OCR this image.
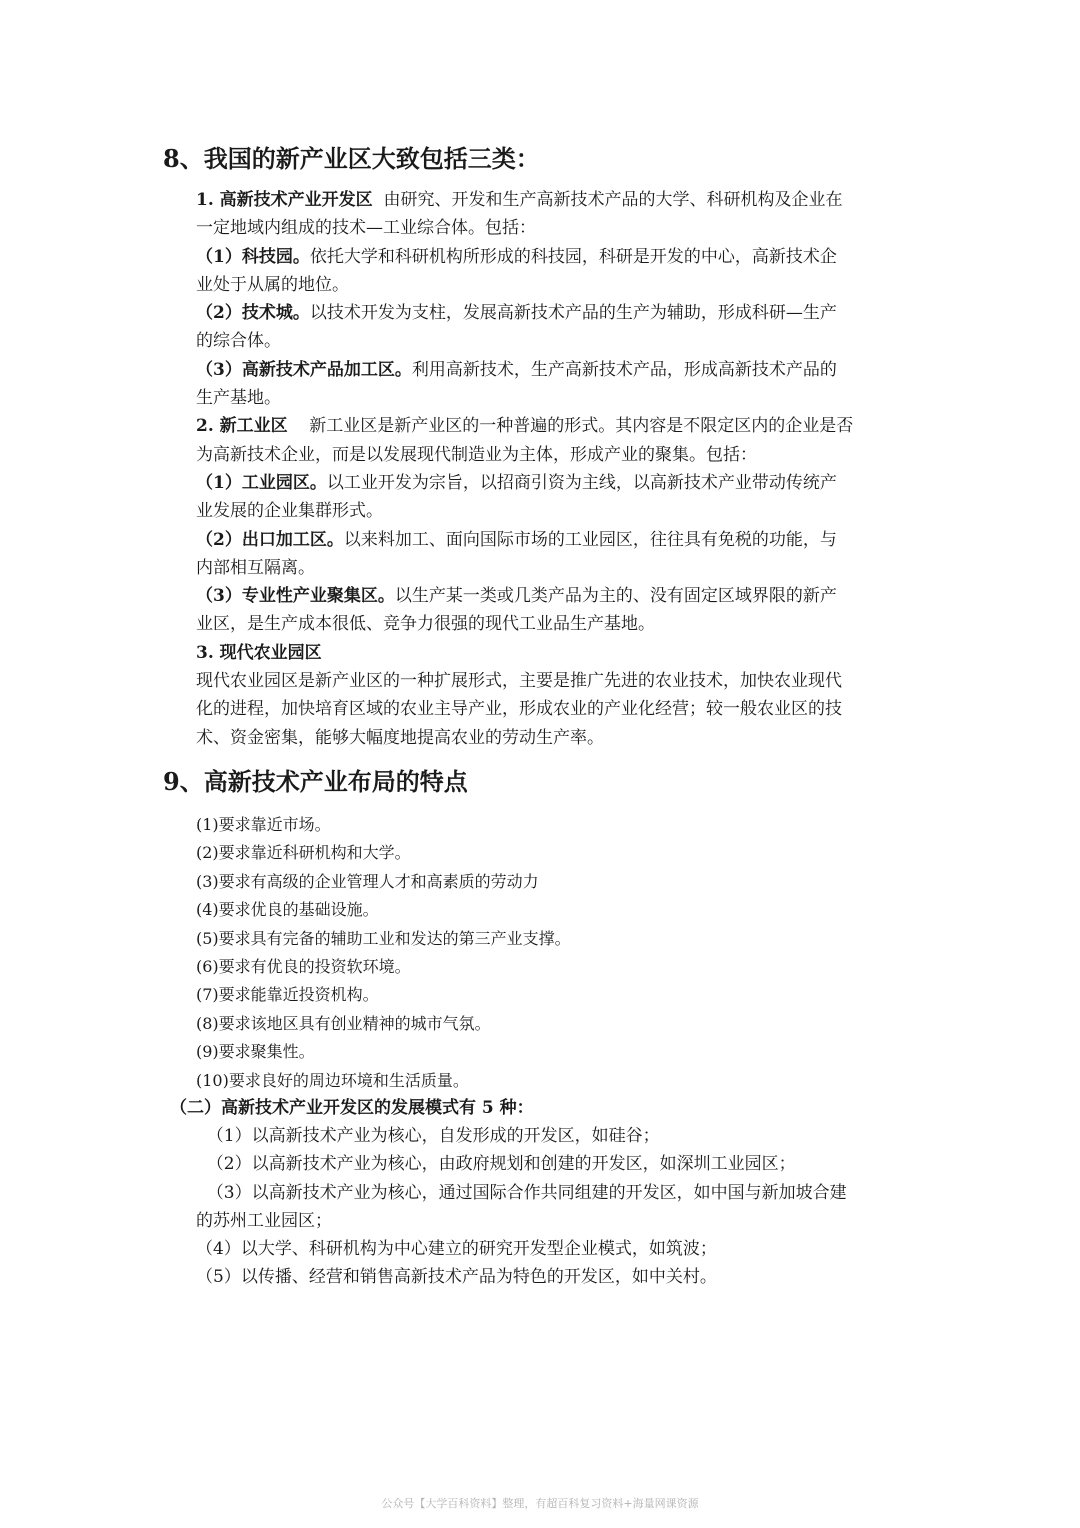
8、我国的新产业区大致包括三类：
1. 高新技术产业开发区  由研究、开发和生产高新技术产品的大学、科研机构及企业在
一定地域内组成的技术—工业综合体。包括：
（1）科技园。依托大学和科研机构所形成的科技园，科研是开发的中心，高新技术企
业处于从属的地位。
（2）技术城。以技术开发为支柱，发展高新技术产品的生产为辅助，形成科研—生产
的综合体。
（3）高新技术产品加工区。利用高新技术，生产高新技术产品，形成高新技术产品的
生产基地。
2. 新工业区    新工业区是新产业区的一种普遍的形式。其内容是不限定区内的企业是否
为高新技术企业，而是以发展现代制造业为主体，形成产业的聚集。包括：
（1）工业园区。以工业开发为宗旨，以招商引资为主线，以高新技术产业带动传统产
业发展的企业集群形式。
（2）出口加工区。以来料加工、面向国际市场的工业园区，往往具有免税的功能，与
内部相互隔离。
（3）专业性产业聚集区。以生产某一类或几类产品为主的、没有固定区域界限的新产
业区，是生产成本很低、竞争力很强的现代工业品生产基地。
3. 现代农业园区
现代农业园区是新产业区的一种扩展形式，主要是推广先进的农业技术，加快农业现代
化的进程，加快培育区域的农业主导产业，形成农业的产业化经营；较一般农业区的技
术、资金密集，能够大幅度地提高农业的劳动生产率。
9、高新技术产业布局的特点
(1)要求靠近市场。
(2)要求靠近科研机构和大学。
(3)要求有高级的企业管理人才和高素质的劳动力
(4)要求优良的基础设施。
(5)要求具有完备的辅助工业和发达的第三产业支撑。
(6)要求有优良的投资软环境。
(7)要求能靠近投资机构。
(8)要求该地区具有创业精神的城市气氛。
(9)要求聚集性。
(10)要求良好的周边环境和生活质量。
（二）高新技术产业开发区的发展模式有 5 种：
（1）以高新技术产业为核心，自发形成的开发区，如硅谷；
（2）以高新技术产业为核心，由政府规划和创建的开发区，如深圳工业园区；
（3）以高新技术产业为核心，通过国际合作共同组建的开发区，如中国与新加坡合建
的苏州工业园区；
（4）以大学、科研机构为中心建立的研究开发型企业模式，如筑波；
（5）以传播、经营和销售高新技术产品为特色的开发区，如中关村。
公众号【大学百科资料】整理，有超百科复习资料+海量网课资源
